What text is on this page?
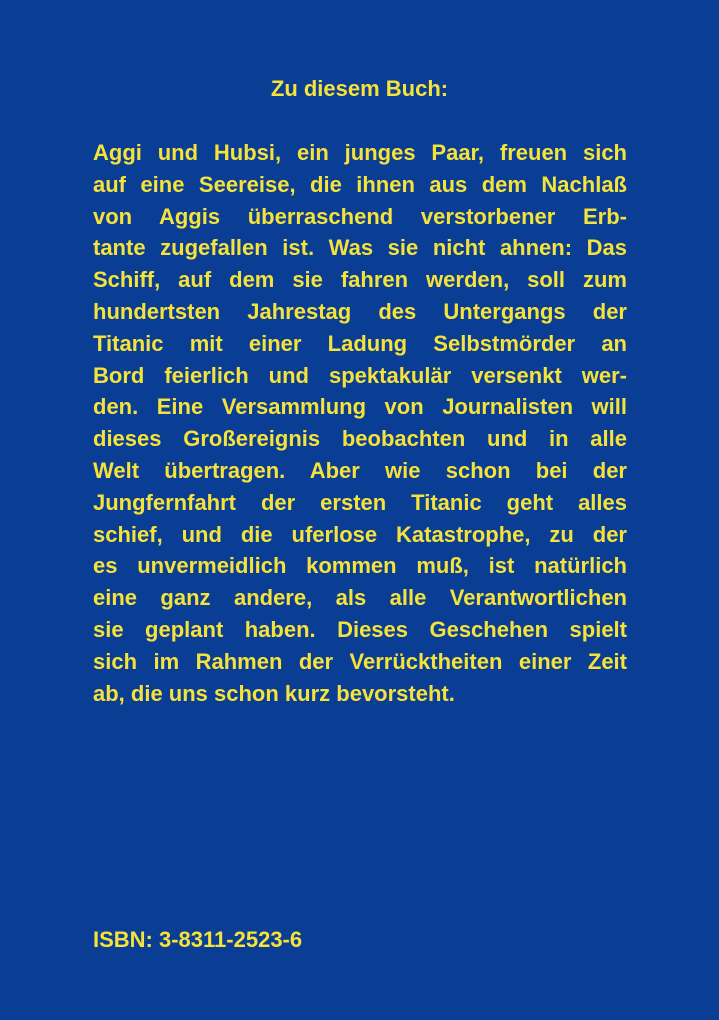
Zu diesem Buch:
Aggi und Hubsi, ein junges Paar, freuen sich
auf eine Seereise, die ihnen aus dem Nachlaß
von Aggis überraschend verstorbener Erb-
tante zugefallen ist. Was sie nicht ahnen: Das
Schiff, auf dem sie fahren werden, soll zum
hundertsten Jahrestag des Untergangs der
Titanic mit einer Ladung Selbstmörder an
Bord feierlich und spektakulär versenkt wer-
den. Eine Versammlung von Journalisten will
dieses Großereignis beobachten und in alle
Welt übertragen. Aber wie schon bei der
Jungfernfahrt der ersten Titanic geht alles
schief, und die uferlose Katastrophe, zu der
es unvermeidlich kommen muß, ist natürlich
eine ganz andere, als alle Verantwortlichen
sie geplant haben. Dieses Geschehen spielt
sich im Rahmen der Verrücktheiten einer Zeit
ab, die uns schon kurz bevorsteht.
ISBN: 3-8311-2523-6
